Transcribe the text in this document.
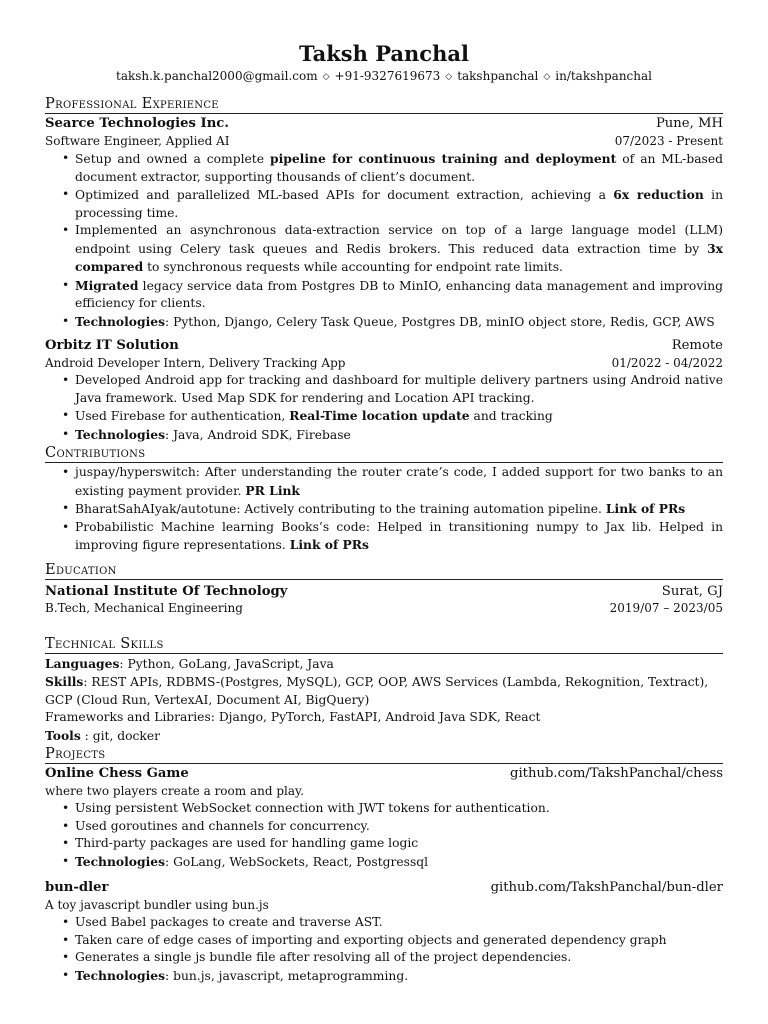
Taksh Panchal
taksh.k.panchal2000@gmail.com ◇ +91-9327619673 ◇ takshpanchal ◇ in/takshpanchal
Professional Experience
Searce Technologies Inc.	Pune, MH
Software Engineer, Applied AI	07/2023 - Present
• Setup and owned a complete pipeline for continuous training and deployment of an ML-based document extractor, supporting thousands of client’s document.
• Optimized and parallelized ML-based APIs for document extraction, achieving a 6x reduction in processing time.
• Implemented an asynchronous data-extraction service on top of a large language model (LLM) endpoint using Celery task queues and Redis brokers. This reduced data extraction time by 3x compared to synchronous requests while accounting for endpoint rate limits.
• Migrated legacy service data from Postgres DB to MinIO, enhancing data management and improving efficiency for clients.
• Technologies: Python, Django, Celery Task Queue, Postgres DB, minIO object store, Redis, GCP, AWS
Orbitz IT Solution	Remote
Android Developer Intern, Delivery Tracking App	01/2022 - 04/2022
• Developed Android app for tracking and dashboard for multiple delivery partners using Android native Java framework. Used Map SDK for rendering and Location API tracking.
• Used Firebase for authentication, Real-Time location update and tracking
• Technologies: Java, Android SDK, Firebase
Contributions
• juspay/hyperswitch: After understanding the router crate’s code, I added support for two banks to an existing payment provider. PR Link
• BharatSahAIyak/autotune: Actively contributing to the training automation pipeline. Link of PRs
• Probabilistic Machine learning Books’s code: Helped in transitioning numpy to Jax lib. Helped in improving figure representations. Link of PRs
Education
National Institute Of Technology	Surat, GJ
B.Tech, Mechanical Engineering	2019/07 – 2023/05
Technical Skills
Languages: Python, GoLang, JavaScript, Java
Skills: REST APIs, RDBMS-(Postgres, MySQL), GCP, OOP, AWS Services (Lambda, Rekognition, Textract), GCP (Cloud Run, VertexAI, Document AI, BigQuery)
Frameworks and Libraries: Django, PyTorch, FastAPI, Android Java SDK, React
Tools : git, docker
Projects
Online Chess Game	github.com/TakshPanchal/chess
where two players create a room and play.
• Using persistent WebSocket connection with JWT tokens for authentication.
• Used goroutines and channels for concurrency.
• Third-party packages are used for handling game logic
• Technologies: GoLang, WebSockets, React, Postgressql
bun-dler	github.com/TakshPanchal/bun-dler
A toy javascript bundler using bun.js
• Used Babel packages to create and traverse AST.
• Taken care of edge cases of importing and exporting objects and generated dependency graph
• Generates a single js bundle file after resolving all of the project dependencies.
• Technologies: bun.js, javascript, metaprogramming.
